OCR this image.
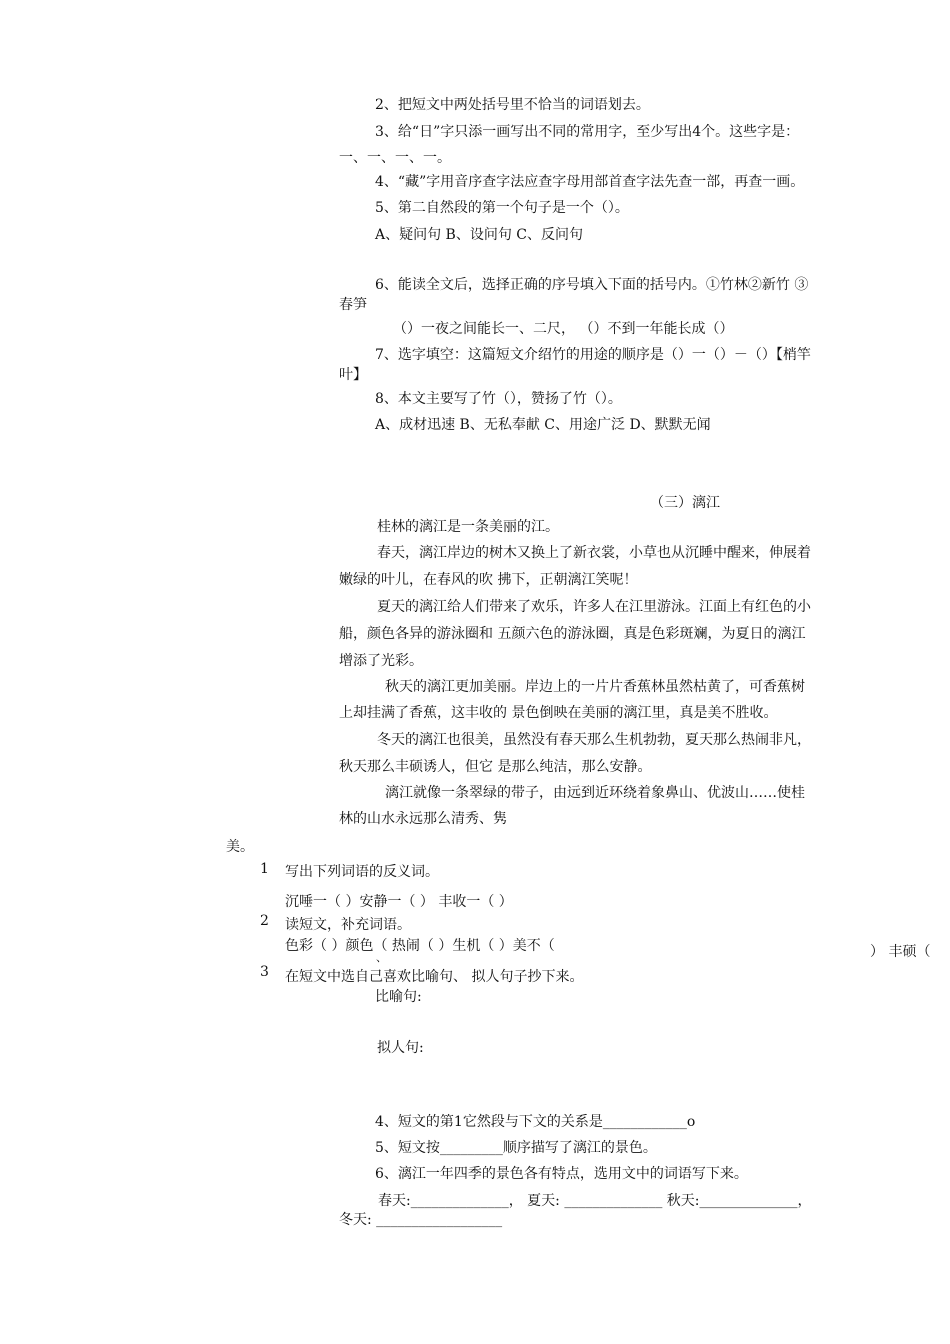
2、把短文中两处括号里不恰当的词语划去。
3、给“日”字只添一画写出不同的常用字，至少写出4个。这些字是：
一、一、一、一。
4、“藏”字用音序查字法应查字母用部首查字法先查一部，再查一画。
5、第二自然段的第一个句子是一个（）。
A、疑问句 B、设问句 C、反问句
6、能读全文后，选择正确的序号填入下面的括号内。①竹林②新竹 ③
春笋
（）一夜之间能长一、二尺， （）不到一年能长成（）
7、选字填空：这篇短文介绍竹的用途的顺序是（）一（）－（）【梢竿
叶】
8、本文主要写了竹（），赞扬了竹（）。
A、成材迅速 B、无私奉献 C、用途广泛 D、默默无闻
（三）漓江
桂林的漓江是一条美丽的江。
春天，漓江岸边的树木又换上了新衣裳，小草也从沉睡中醒来，伸展着
嫩绿的叶儿，在春风的吹 拂下，正朝漓江笑呢！
夏天的漓江给人们带来了欢乐，许多人在江里游泳。江面上有红色的小
船，颜色各异的游泳圈和 五颜六色的游泳圈，真是色彩斑斓，为夏日的漓江
增添了光彩。
秋天的漓江更加美丽。岸边上的一片片香蕉林虽然枯黄了，可香蕉树
上却挂满了香蕉，这丰收的 景色倒映在美丽的漓江里，真是美不胜收。
冬天的漓江也很美，虽然没有春天那么生机勃勃，夏天那么热闹非凡，
秋天那么丰硕诱人，但它 是那么纯洁，那么安静。
漓江就像一条翠绿的带子，由远到近环绕着象鼻山、优波山……使桂
林的山水永远那么清秀、隽
美。
1 写出下列词语的反义词。
沉唾一（ ）安静一（ ） 丰收一（ ）
2 读短文，补充词语。
色彩（ ）颜色（ 热闹（ ）生机（ ）美不（	） 丰硕（
、
3 在短文中选自己喜欢比喻句、 拟人句子抄下来。
比喻句:
拟人句:
4、短文的第1它然段与下文的关系是____________o
5、短文按_________顺序描写了漓江的景色。
6、漓江一年四季的景色各有特点，选用文中的词语写下来。
春天:______________， 夏天: ______________ 秋天:______________，
冬天: __________________
